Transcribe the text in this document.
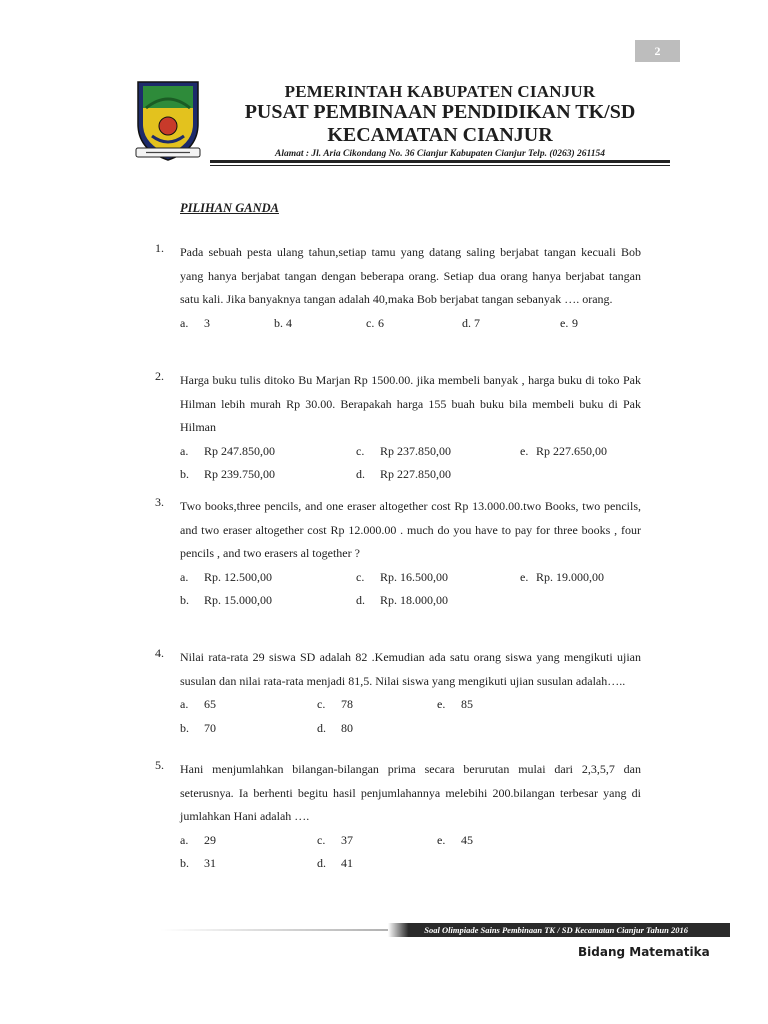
2
PEMERINTAH KABUPATEN CIANJUR
PUSAT PEMBINAAN PENDIDIKAN TK/SD
KECAMATAN CIANJUR
Alamat : Jl. Aria Cikondang No. 36 Cianjur Kabupaten Cianjur Telp. (0263) 261154
PILIHAN GANDA
1.	Pada sebuah pesta ulang tahun,setiap tamu yang datang saling berjabat tangan kecuali Bob yang hanya berjabat tangan dengan beberapa orang. Setiap dua orang hanya berjabat tangan satu kali. Jika banyaknya tangan adalah 40,maka Bob berjabat tangan sebanyak …. orang.
a. 3	b. 4	c. 6	d. 7	e. 9
2.	Harga buku tulis ditoko Bu Marjan Rp 1500.00. jika membeli banyak , harga buku di toko Pak Hilman lebih murah Rp 30.00. Berapakah harga 155 buah buku bila membeli buku di Pak Hilman
a. Rp 247.850,00	c. Rp 237.850,00	e. Rp 227.650,00
b. Rp 239.750,00	d. Rp 227.850,00
3.	Two books,three pencils, and one eraser altogether cost Rp 13.000.00.two Books, two pencils, and two eraser altogether cost Rp 12.000.00 . much do you have to pay for three books , four pencils , and two erasers al together ?
a. Rp. 12.500,00	c. Rp. 16.500,00	e. Rp. 19.000,00
b. Rp. 15.000,00	d. Rp. 18.000,00
4.	Nilai rata-rata 29 siswa SD adalah 82 .Kemudian ada satu orang siswa yang mengikuti ujian susulan dan nilai rata-rata menjadi 81,5. Nilai siswa yang mengikuti ujian susulan adalah…..
a. 65	c. 78	e. 85
b. 70	d. 80
5.	Hani menjumlahkan bilangan-bilangan prima secara berurutan mulai dari 2,3,5,7 dan seterusnya. Ia berhenti begitu hasil penjumlahannya melebihi 200.bilangan terbesar yang di jumlahkan Hani adalah ….
a. 29	c. 37	e. 45
b. 31	d. 41
Soal Olimpiade Sains Pembinaan TK / SD Kecamatan Cianjur Tahun 2016
Bidang Matematika
